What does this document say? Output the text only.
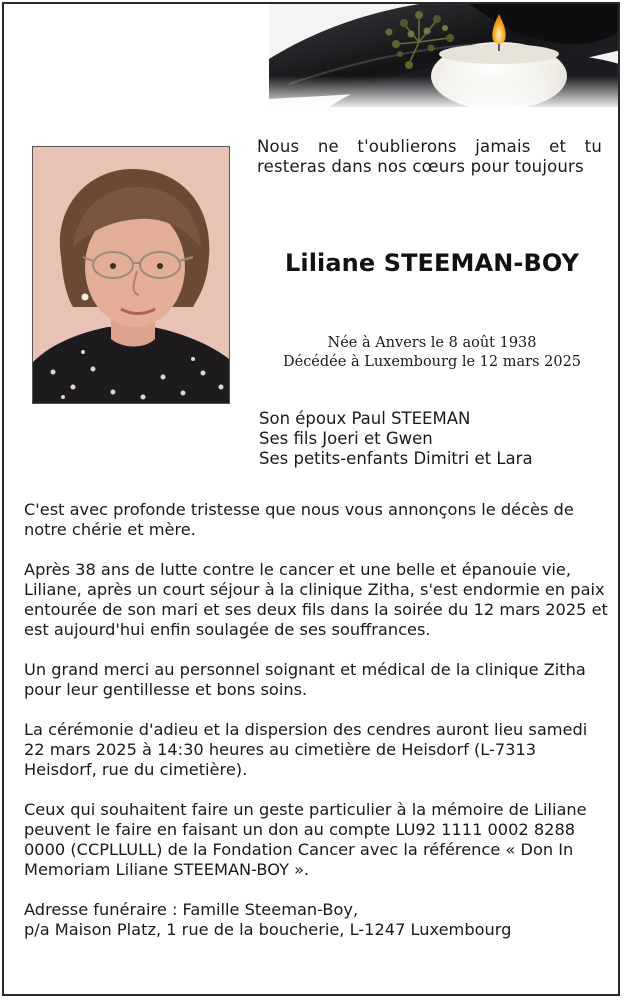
Nous ne t'oublierons jamais et tu resteras dans nos cœurs pour toujours
Liliane STEEMAN-BOY
Née à Anvers le 8 août 1938
Décédée à Luxembourg le 12 mars 2025
Son époux Paul STEEMAN
Ses fils Joeri et Gwen
Ses petits-enfants Dimitri et Lara

C'est avec profonde tristesse que nous vous annonçons le décès de notre chérie et mère.

Après 38 ans de lutte contre le cancer et une belle et épanouie vie, Liliane, après un court séjour à la clinique Zitha, s'est endormie en paix entourée de son mari et ses deux fils dans la soirée du 12 mars 2025 et est aujourd'hui enfin soulagée de ses souffrances.

Un grand merci au personnel soignant et médical de la clinique Zitha pour leur gentillesse et bons soins.

La cérémonie d'adieu et la dispersion des cendres auront lieu samedi 22 mars 2025 à 14:30 heures au cimetière de Heisdorf (L-7313 Heisdorf, rue du cimetière).

Ceux qui souhaitent faire un geste particulier à la mémoire de Liliane peuvent le faire en faisant un don au compte LU92 1111 0002 8288 0000 (CCPLLULL) de la Fondation Cancer avec la référence « Don In Memoriam Liliane STEEMAN-BOY ».

Adresse funéraire : Famille Steeman-Boy,
p/a Maison Platz, 1 rue de la boucherie, L-1247 Luxembourg
